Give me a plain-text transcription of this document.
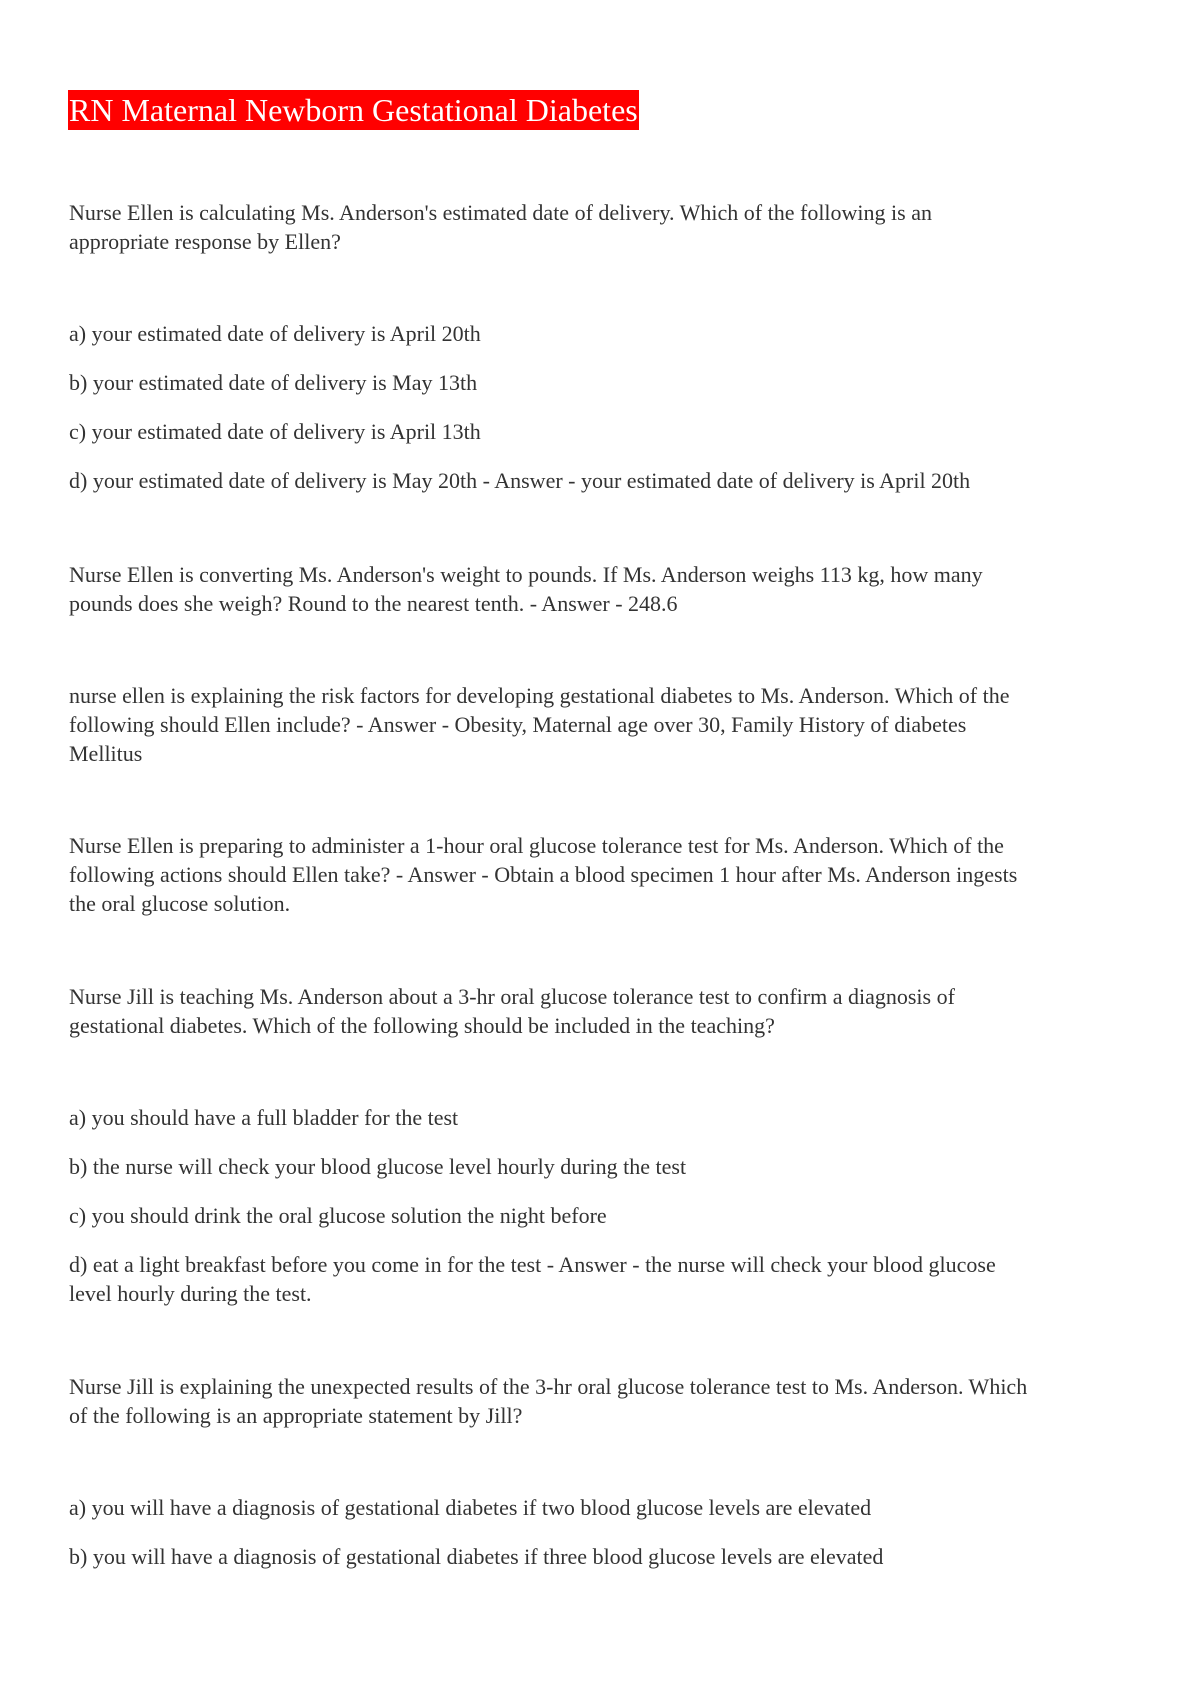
RN Maternal Newborn Gestational Diabetes

Nurse Ellen is calculating Ms. Anderson's estimated date of delivery. Which of the following is an

appropriate response by Ellen?

a) your estimated date of delivery is April 20th

b) your estimated date of delivery is May 13th

c) your estimated date of delivery is April 13th

d) your estimated date of delivery is May 20th - Answer - your estimated date of delivery is April 20th

Nurse Ellen is converting Ms. Anderson's weight to pounds. If Ms. Anderson weighs 113 kg, how many

pounds does she weigh? Round to the nearest tenth. - Answer - 248.6

nurse ellen is explaining the risk factors for developing gestational diabetes to Ms. Anderson. Which of the

following should Ellen include? - Answer - Obesity, Maternal age over 30, Family History of diabetes

Mellitus

Nurse Ellen is preparing to administer a 1-hour oral glucose tolerance test for Ms. Anderson. Which of the

following actions should Ellen take? - Answer - Obtain a blood specimen 1 hour after Ms. Anderson ingests

the oral glucose solution.

Nurse Jill is teaching Ms. Anderson about a 3-hr oral glucose tolerance test to confirm a diagnosis of

gestational diabetes. Which of the following should be included in the teaching?

a) you should have a full bladder for the test

b) the nurse will check your blood glucose level hourly during the test

c) you should drink the oral glucose solution the night before

d) eat a light breakfast before you come in for the test - Answer - the nurse will check your blood glucose

level hourly during the test.

Nurse Jill is explaining the unexpected results of the 3-hr oral glucose tolerance test to Ms. Anderson. Which

of the following is an appropriate statement by Jill?

a) you will have a diagnosis of gestational diabetes if two blood glucose levels are elevated

b) you will have a diagnosis of gestational diabetes if three blood glucose levels are elevated
